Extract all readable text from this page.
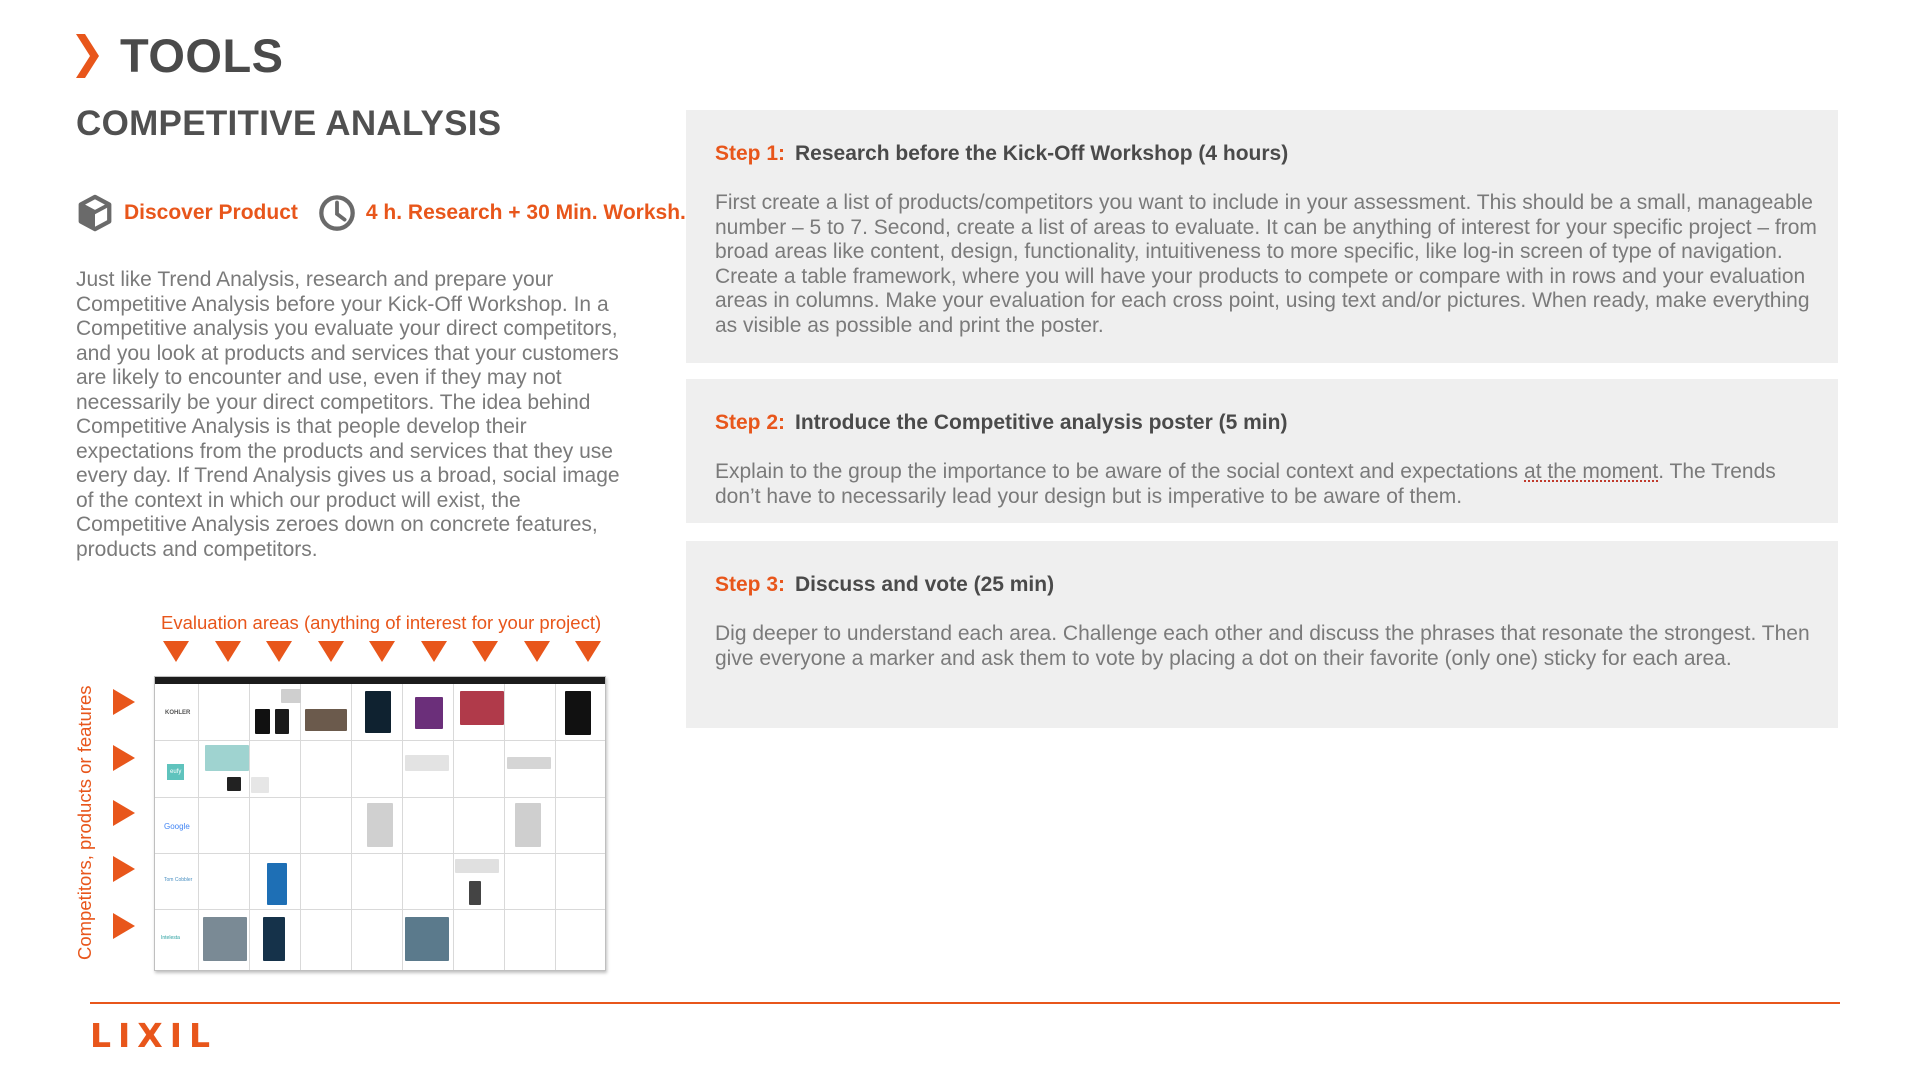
TOOLS
COMPETITIVE ANALYSIS
Discover Product	4 h. Research + 30 Min. Worksh.
Just like Trend Analysis, research and prepare your Competitive Analysis before your Kick-Off Workshop. In a Competitive analysis you evaluate your direct competitors, and you look at products and services that your customers are likely to encounter and use, even if they may not necessarily be your direct competitors. The idea behind Competitive Analysis is that people develop their expectations from the products and services that they use every day. If Trend Analysis gives us a broad, social image of the context in which our product will exist, the Competitive Analysis zeroes down on concrete features, products and competitors.
Evaluation areas (anything of interest for your project)
Competitors, products or features	KOHLER
eufy
Google
Tom Cobbler
Intelesta
Step 1: Research before the Kick-Off Workshop (4 hours)
First create a list of products/competitors you want to include in your assessment. This should be a small, manageable number – 5 to 7. Second, create a list of areas to evaluate. It can be anything of interest for your specific project – from broad areas like content, design, functionality, intuitiveness to more specific, like log-in screen of type of navigation. Create a table framework, where you will have your products to compete or compare with in rows and your evaluation areas in columns. Make your evaluation for each cross point, using text and/or pictures. When ready, make everything as visible as possible and print the poster.
Step 2: Introduce the Competitive analysis poster (5 min)
Explain to the group the importance to be aware of the social context and expectations at the moment. The Trends don’t have to necessarily lead your design but is imperative to be aware of them.
Step 3: Discuss and vote (25 min)
Dig deeper to understand each area. Challenge each other and discuss the phrases that resonate the strongest. Then give everyone a marker and ask them to vote by placing a dot on their favorite (only one) sticky for each area.
LIXIL
